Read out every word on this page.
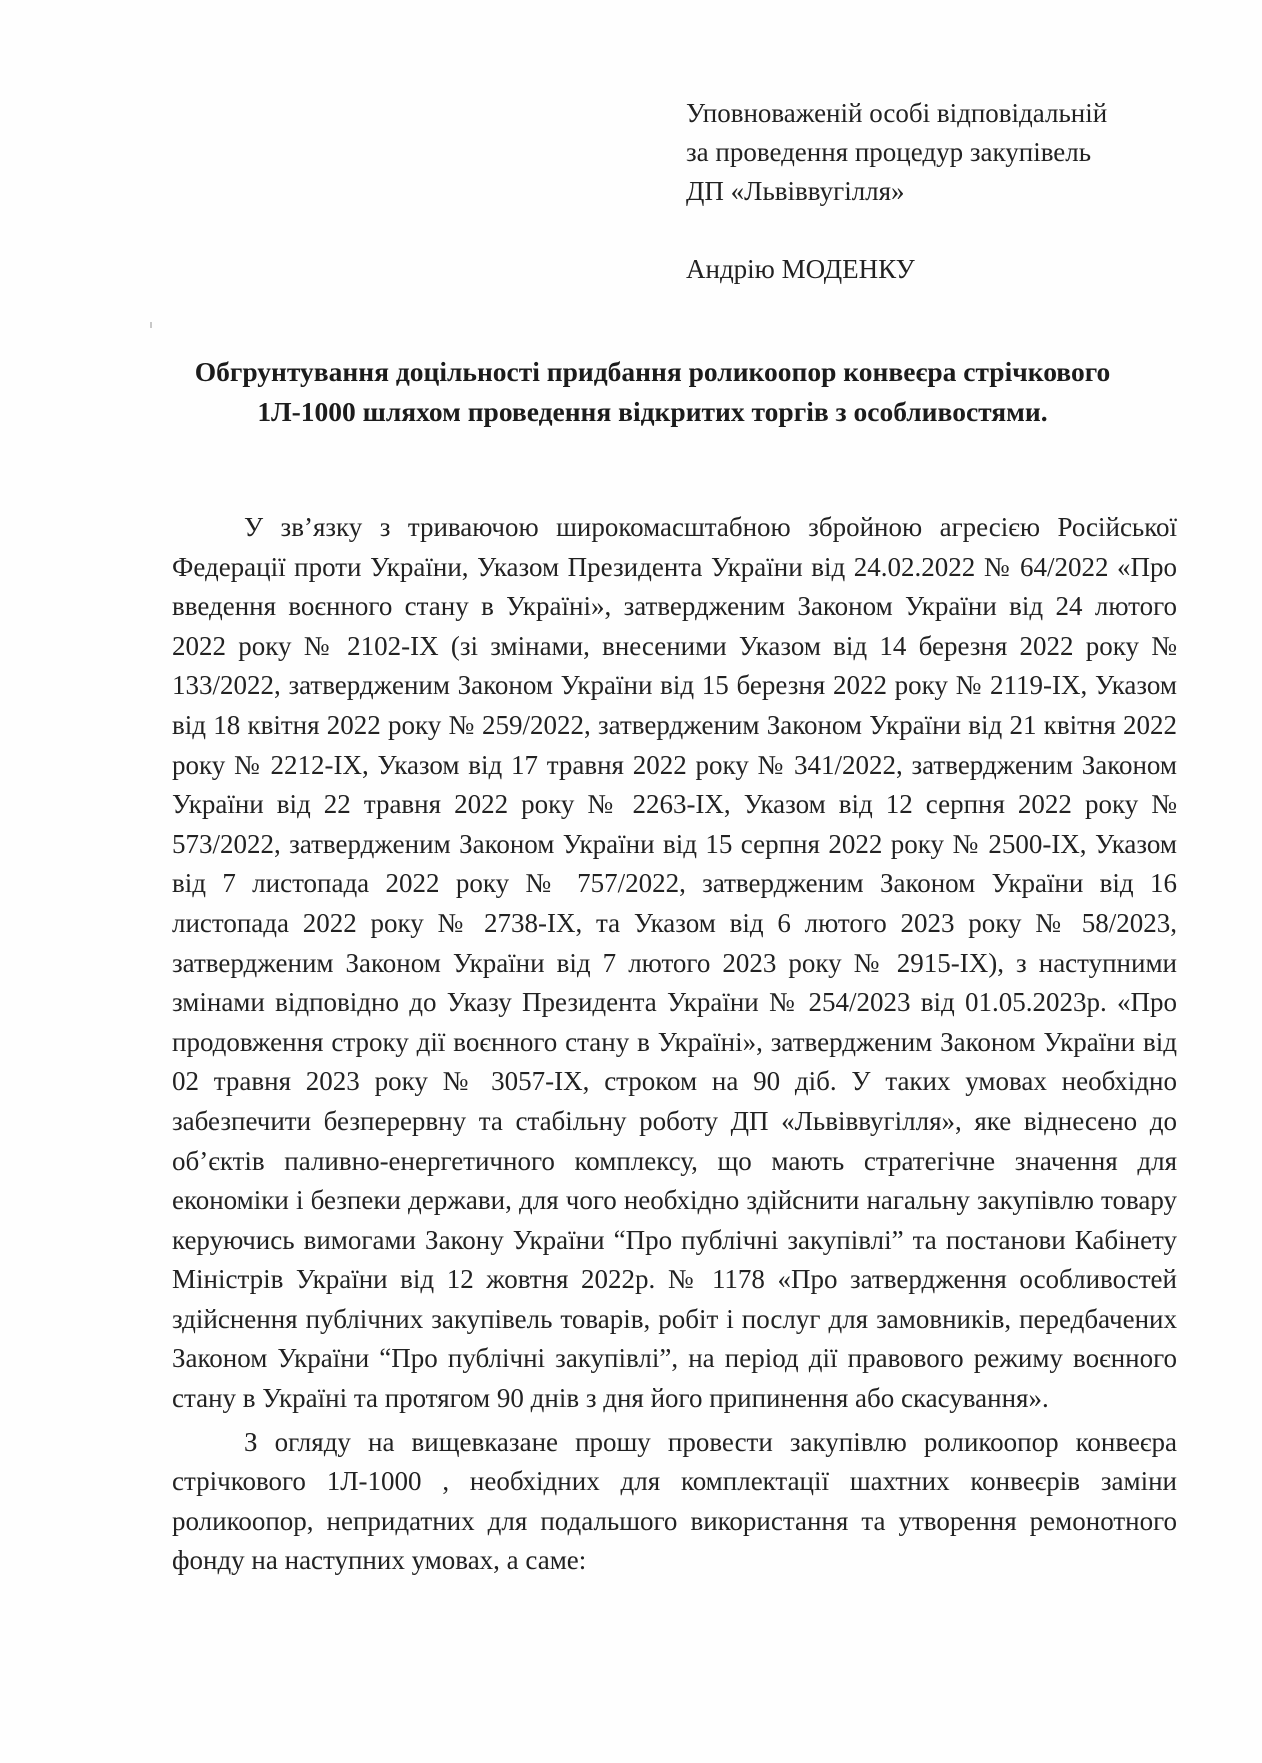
Уповноваженій особі відповідальній
за проведення процедур закупівель
ДП «Львіввугілля»
Андрію МОДЕНКУ
Обгрунтування доцільності придбання роликоопор конвеєра стрічкового
1Л-1000 шляхом проведення відкритих торгів з особливостями.

У зв’язку з триваючою широкомасштабною збройною агресією Російської Федерації проти України, Указом Президента України від 24.02.2022 № 64/2022 «Про введення воєнного стану в Україні», затвердженим Законом України від 24 лютого 2022 року № 2102-IX (зі змінами, внесеними Указом від 14 березня 2022 року № 133/2022, затвердженим Законом України від 15 березня 2022 року № 2119-IX, Указом від 18 квітня 2022 року № 259/2022, затвердженим Законом України від 21 квітня 2022 року № 2212-IX, Указом від 17 травня 2022 року № 341/2022, затвердженим Законом України від 22 травня 2022 року № 2263-IX, Указом від 12 серпня 2022 року № 573/2022, затвердженим Законом України від 15 серпня 2022 року № 2500-IX, Указом від 7 листопада 2022 року № 757/2022, затвердженим Законом України від 16 листопада 2022 року № 2738-IX, та Указом від 6 лютого 2023 року № 58/2023, затвердженим Законом України від 7 лютого 2023 року № 2915-IX), з наступними змінами відповідно до Указу Президента України № 254/2023 від 01.05.2023р. «Про продовження строку дії воєнного стану в Україні», затвердженим Законом України від 02 травня 2023 року № 3057-IX, строком на 90 діб. У таких умовах необхідно забезпечити безперервну та стабільну роботу ДП «Львіввугілля», яке віднесено до об’єктів паливно-енергетичного комплексу, що мають стратегічне значення для економіки і безпеки держави, для чого необхідно здійснити нагальну закупівлю товару керуючись вимогами Закону України “Про публічні закупівлі” та постанови Кабінету Міністрів України від 12 жовтня 2022р. № 1178 «Про затвердження особливостей здійснення публічних закупівель товарів, робіт і послуг для замовників, передбачених Законом України “Про публічні закупівлі”, на період дії правового режиму воєнного стану в Україні та протягом 90 днів з дня його припинення або скасування».

З огляду на вищевказане прошу провести закупівлю роликоопор конвеєра стрічкового 1Л-1000 , необхідних для комплектації шахтних конвеєрів заміни роликоопор, непридатних для подальшого використання та утворення ремонотного фонду на наступних умовах, а саме:
